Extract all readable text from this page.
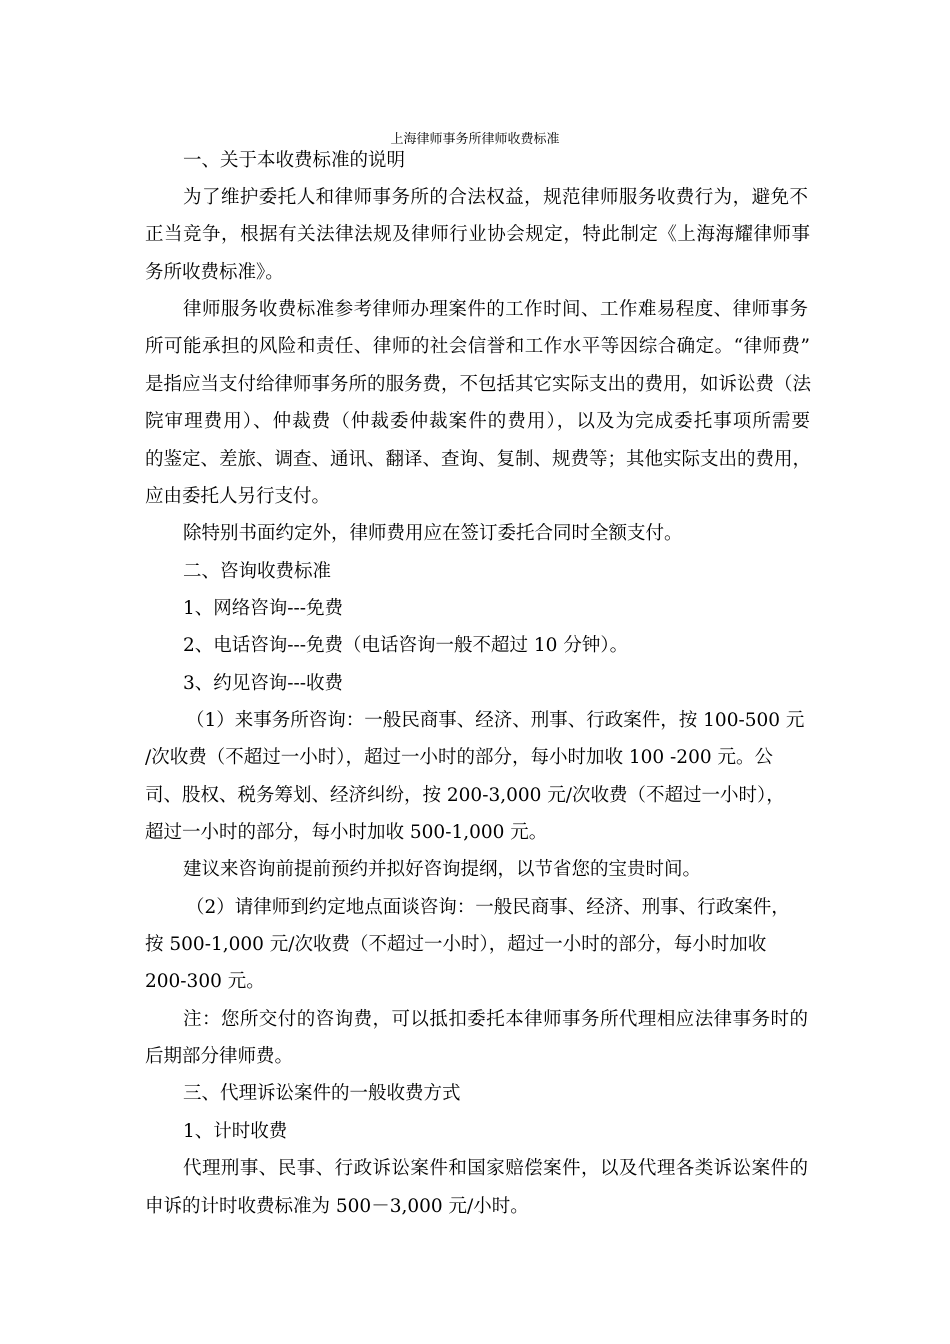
上海律师事务所律师收费标准

一、关于本收费标准的说明

为了维护委托人和律师事务所的合法权益，规范律师服务收费行为，避免不

正当竞争，根据有关法律法规及律师行业协会规定，特此制定《上海海耀律师事

务所收费标准》。

律师服务收费标准参考律师办理案件的工作时间、工作难易程度、律师事务

所可能承担的风险和责任、律师的社会信誉和工作水平等因综合确定。“律师费”

是指应当支付给律师事务所的服务费，不包括其它实际支出的费用，如诉讼费（法

院审理费用）、仲裁费（仲裁委仲裁案件的费用），以及为完成委托事项所需要

的鉴定、差旅、调查、通讯、翻译、查询、复制、规费等；其他实际支出的费用，

应由委托人另行支付。

除特别书面约定外，律师费用应在签订委托合同时全额支付。

二、咨询收费标准

1、网络咨询---免费

2、电话咨询---免费（电话咨询一般不超过 10 分钟）。

3、约见咨询---收费

（1）来事务所咨询：一般民商事、经济、刑事、行政案件，按 100-500 元

/次收费（不超过一小时），超过一小时的部分，每小时加收 100 -200 元。公

司、股权、税务筹划、经济纠纷，按 200-3,000 元/次收费（不超过一小时），

超过一小时的部分，每小时加收 500-1,000 元。

建议来咨询前提前预约并拟好咨询提纲，以节省您的宝贵时间。

（2）请律师到约定地点面谈咨询：一般民商事、经济、刑事、行政案件，

按 500-1,000 元/次收费（不超过一小时），超过一小时的部分，每小时加收

200-300 元。

注：您所交付的咨询费，可以抵扣委托本律师事务所代理相应法律事务时的

后期部分律师费。

三、代理诉讼案件的一般收费方式

1、计时收费

代理刑事、民事、行政诉讼案件和国家赔偿案件，以及代理各类诉讼案件的

申诉的计时收费标准为 500－3,000 元/小时。
